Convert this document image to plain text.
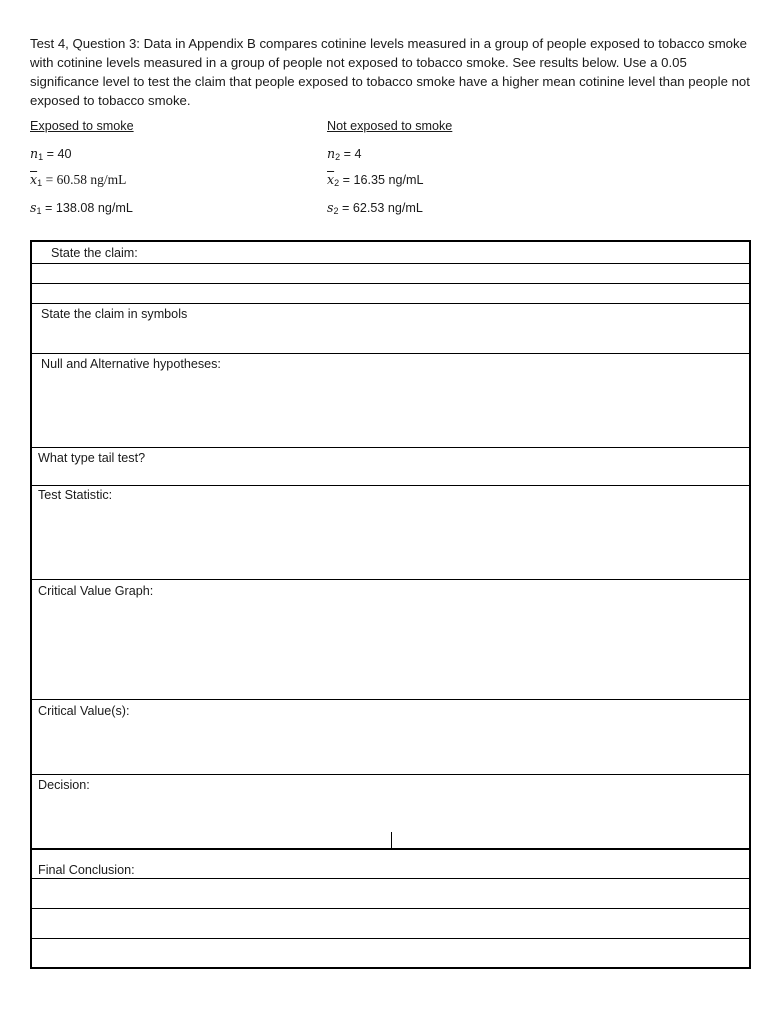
Test 4, Question 3: Data in Appendix B compares cotinine levels measured in a group of people exposed to tobacco smoke with cotinine levels measured in a group of people not exposed to tobacco smoke. See results below. Use a 0.05 significance level to test the claim that people exposed to tobacco smoke have a higher mean cotinine level than people not exposed to tobacco smoke.
Exposed to smoke
$n_1 = 40$
$\overline{x}_1 = 60.58$ ng/mL
$s_1 = 138.08$ ng/mL
Not exposed to smoke
$n_2 = 4$
$\overline{x}_2 = 16.35$ ng/mL
$s_2 = 62.53$ ng/mL
State the claim:
State the claim in symbols
Null and Alternative hypotheses:
What type tail test?
Test Statistic:
Critical Value Graph:
Critical Value(s):
Decision:
Final Conclusion:
